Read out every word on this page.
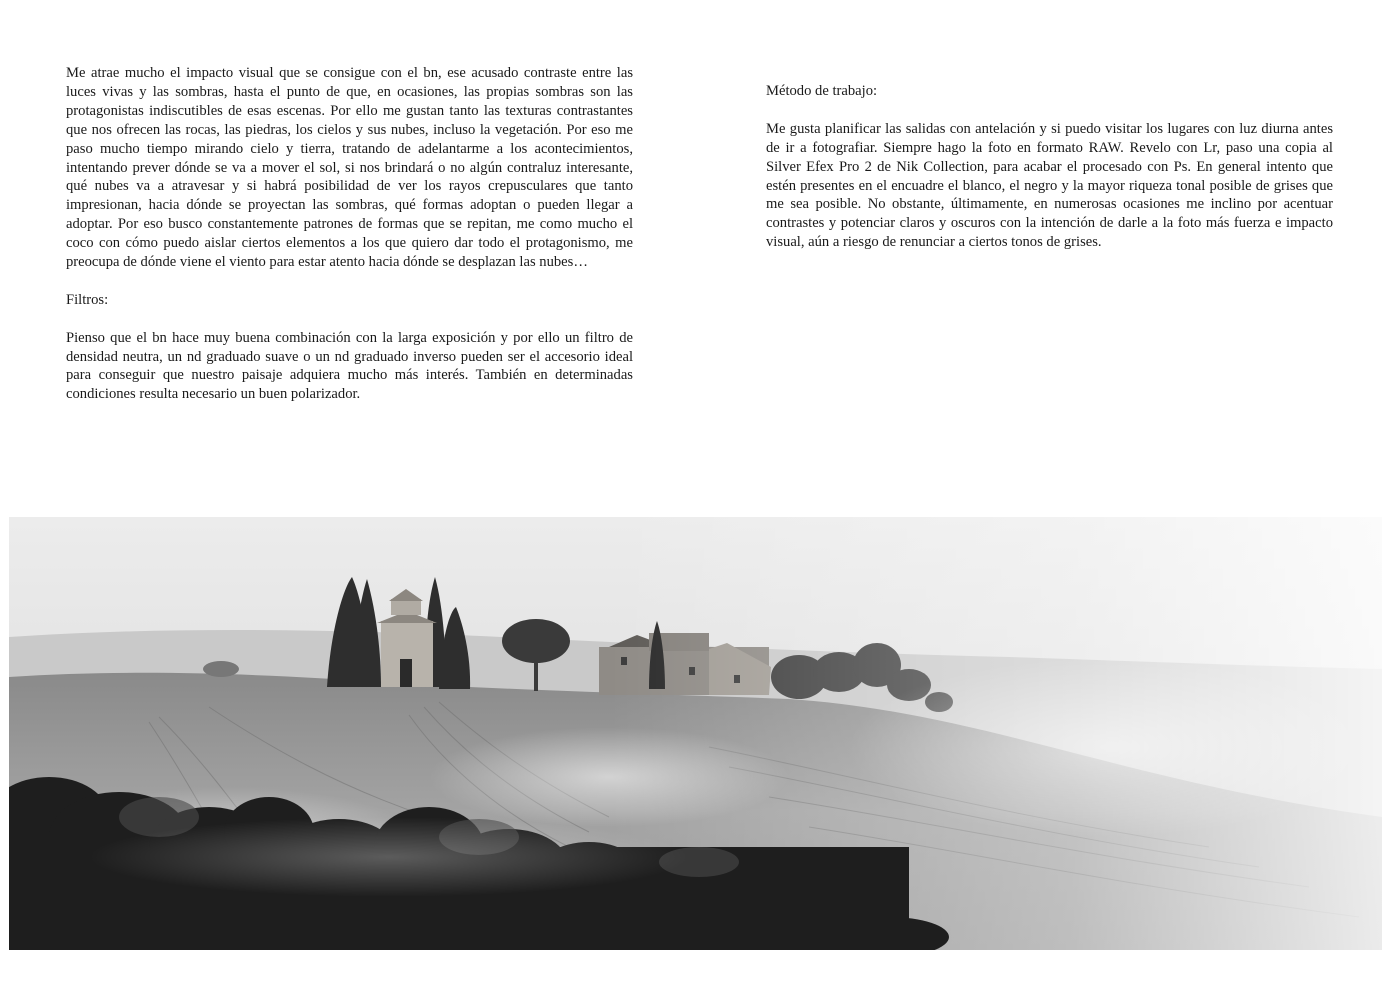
Me atrae mucho el impacto visual que se consigue con el bn, ese acusado contraste entre las luces vivas y las sombras, hasta el punto de que, en ocasiones, las propias sombras son las protagonistas indiscutibles de esas escenas. Por ello me gustan tanto las texturas contrastantes que nos ofrecen las rocas, las piedras, los cielos y sus nubes, incluso la vegetación. Por eso me paso mucho tiempo mirando cielo y tierra, tratando de adelantarme a los acontecimientos, intentando prever dónde se va a mover el sol, si nos brindará o no algún contraluz interesante, qué nubes va a atravesar y si habrá posibilidad de ver los rayos crepusculares que tanto impresionan, hacia dónde se proyectan las sombras, qué formas adoptan o pueden llegar a adoptar. Por eso busco constantemente patrones de formas que se repitan, me como mucho el coco con cómo puedo aislar ciertos elementos a los que quiero dar todo el protagonismo, me preocupa de dónde viene el viento para estar atento hacia dónde se desplazan las nubes…

Filtros:

Pienso que el bn hace muy buena combinación con la larga exposición y por ello un filtro de densidad neutra, un nd graduado suave o un nd graduado inverso pueden ser el accesorio ideal para conseguir que nuestro paisaje adquiera mucho más interés. También en determinadas condiciones resulta necesario un buen polarizador.

Método de trabajo:

Me gusta planificar las salidas con antelación y si puedo visitar los lugares con luz diurna antes de ir a fotografiar. Siempre hago la foto en formato RAW. Revelo con Lr, paso una copia al Silver Efex Pro 2 de Nik Collection, para acabar el procesado con Ps. En general intento que estén presentes en el encuadre el blanco, el negro y la mayor riqueza tonal posible de grises que me sea posible. No obstante, últimamente, en numerosas ocasiones me inclino por acentuar contrastes y potenciar claros y oscuros con la intención de darle a la foto más fuerza e impacto visual, aún a riesgo de renunciar a ciertos tonos de grises.
